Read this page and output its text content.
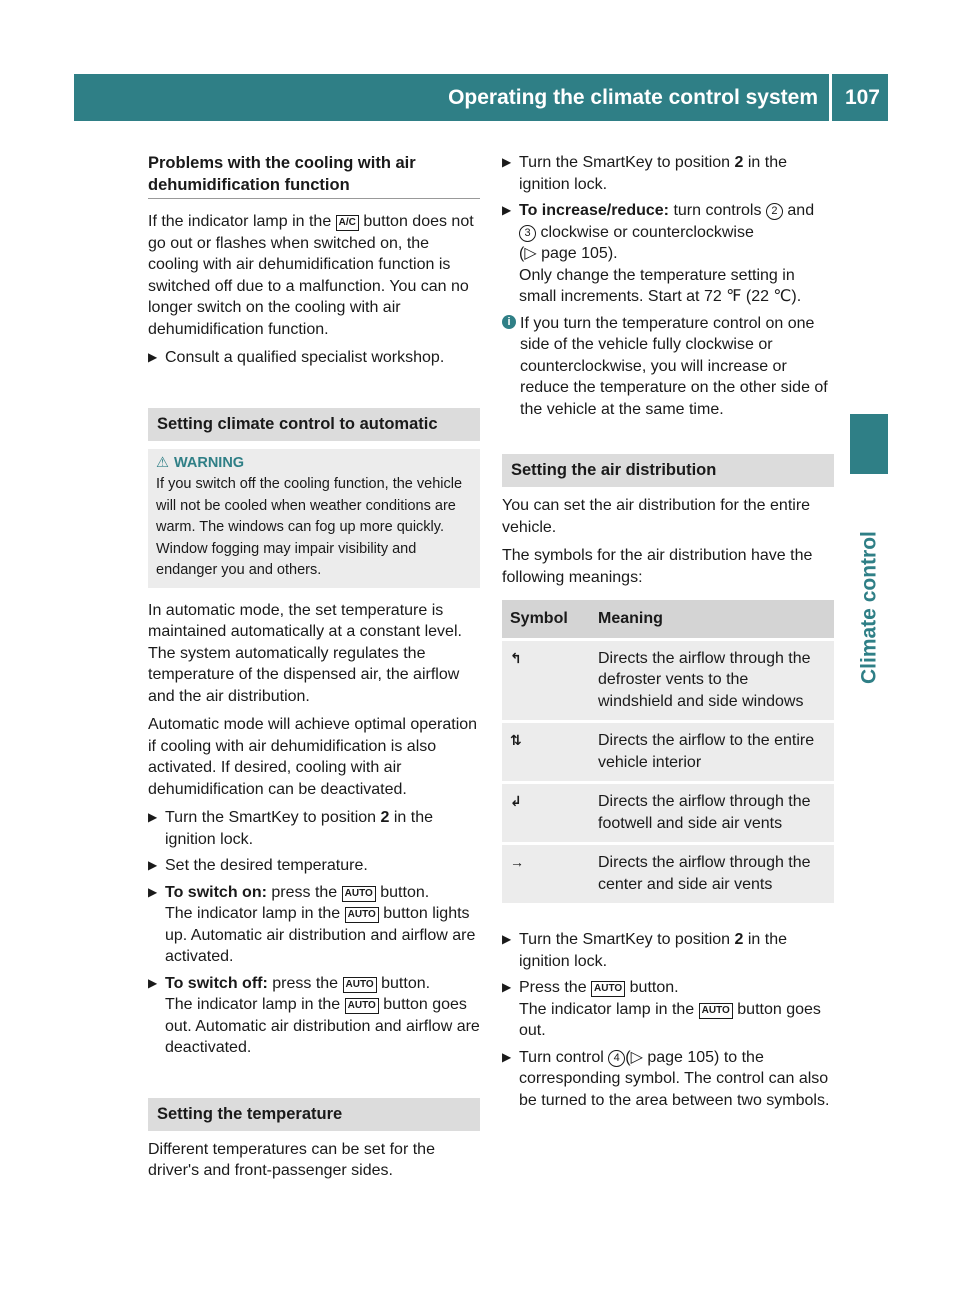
Operating the climate control system 107
Climate control
Problems with the cooling with air dehumidification function

If the indicator lamp in the A/C button does not go out or flashes when switched on, the cooling with air dehumidification function is switched off due to a malfunction. You can no longer switch on the cooling with air dehumidification function.

▶ Consult a qualified specialist workshop.
Setting climate control to automatic
⚠ WARNING
If you switch off the cooling function, the vehicle will not be cooled when weather conditions are warm. The windows can fog up more quickly. Window fogging may impair visibility and endanger you and others.

In automatic mode, the set temperature is maintained automatically at a constant level. The system automatically regulates the temperature of the dispensed air, the airflow and the air distribution.

Automatic mode will achieve optimal operation if cooling with air dehumidification is also activated. If desired, cooling with air dehumidification can be deactivated.

▶ Turn the SmartKey to position 2 in the ignition lock.
▶ Set the desired temperature.
▶ To switch on: press the AUTO button.
The indicator lamp in the AUTO button lights up. Automatic air distribution and airflow are activated.
▶ To switch off: press the AUTO button.
The indicator lamp in the AUTO button goes out. Automatic air distribution and airflow are deactivated.
Setting the temperature

Different temperatures can be set for the driver's and front-passenger sides.

▶ Turn the SmartKey to position 2 in the ignition lock.
▶ To increase/reduce: turn controls 2 and 3 clockwise or counterclockwise
(▷ page 105).
Only change the temperature setting in small increments. Start at 72 ℉ (22 ℃).
i If you turn the temperature control on one side of the vehicle fully clockwise or counterclockwise, you will increase or reduce the temperature on the other side of the vehicle at the same time.
Setting the air distribution

You can set the air distribution for the entire vehicle.

The symbols for the air distribution have the following meanings:

Symbol	Meaning
↰	Directs the airflow through the defroster vents to the windshield and side windows
⇅	Directs the airflow to the entire vehicle interior
↲	Directs the airflow through the footwell and side air vents
→	Directs the airflow through the center and side air vents
▶ Turn the SmartKey to position 2 in the ignition lock.
▶ Press the AUTO button.
The indicator lamp in the AUTO button goes out.
▶ Turn control 4 (▷ page 105) to the corresponding symbol. The control can also be turned to the area between two symbols.
